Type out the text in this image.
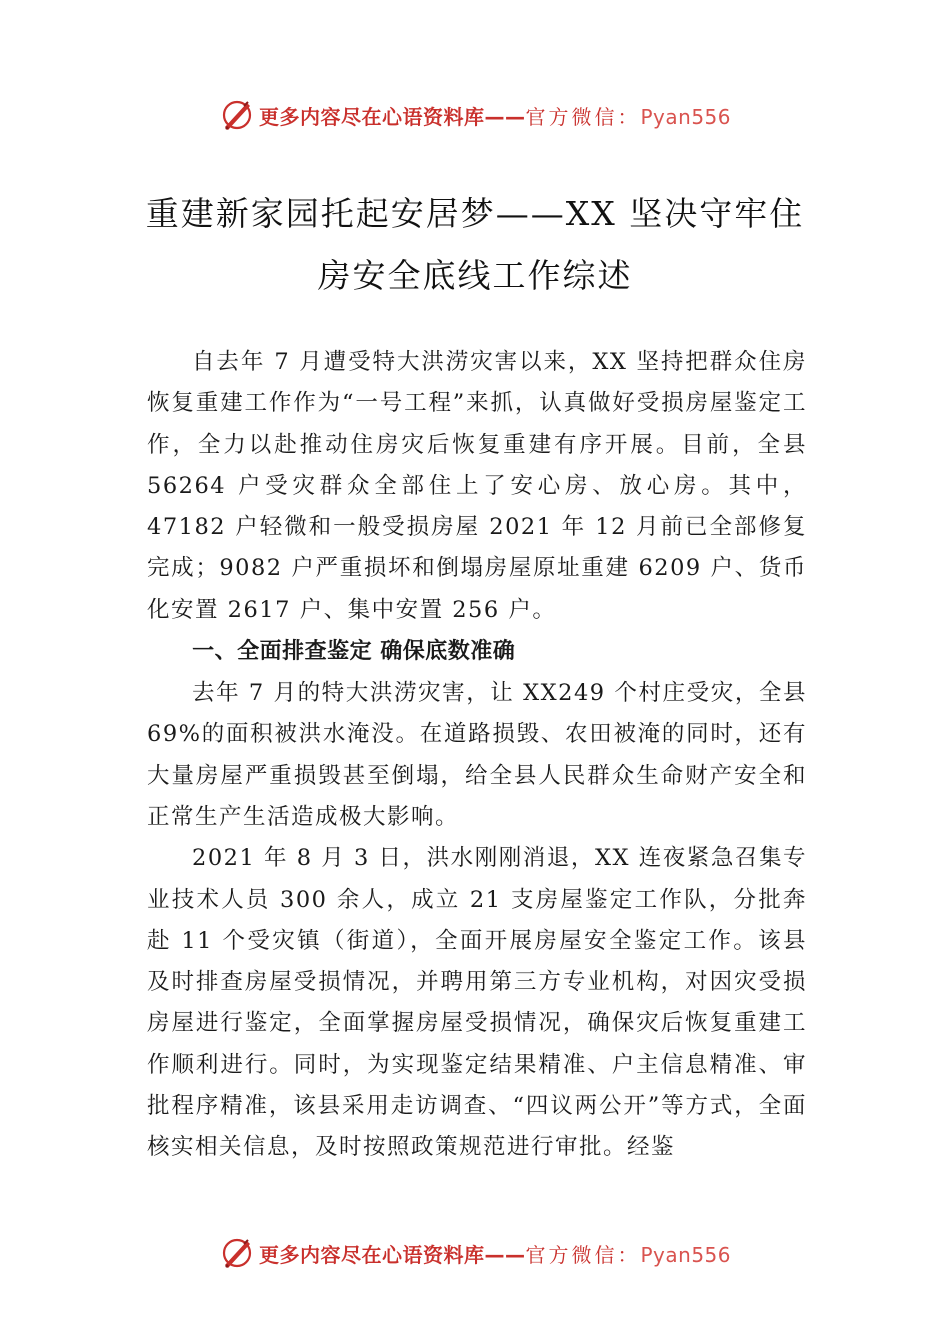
更多内容尽在心语资料库——官方微信：Pyan556
重建新家园托起安居梦——XX 坚决守牢住
房安全底线工作综述

自去年 7 月遭受特大洪涝灾害以来，XX 坚持把群众住房恢复重建工作作为“一号工程”来抓，认真做好受损房屋鉴定工作，全力以赴推动住房灾后恢复重建有序开展。目前，全县 56264 户受灾群众全部住上了安心房、放心房。其中，47182 户轻微和一般受损房屋 2021 年 12 月前已全部修复完成；9082 户严重损坏和倒塌房屋原址重建 6209 户、货币化安置 2617 户、集中安置 256 户。

一、全面排查鉴定 确保底数准确

去年 7 月的特大洪涝灾害，让 XX249 个村庄受灾，全县 69%的面积被洪水淹没。在道路损毁、农田被淹的同时，还有大量房屋严重损毁甚至倒塌，给全县人民群众生命财产安全和正常生产生活造成极大影响。

2021 年 8 月 3 日，洪水刚刚消退，XX 连夜紧急召集专业技术人员 300 余人，成立 21 支房屋鉴定工作队，分批奔赴 11 个受灾镇（街道），全面开展房屋安全鉴定工作。该县及时排查房屋受损情况，并聘用第三方专业机构，对因灾受损房屋进行鉴定，全面掌握房屋受损情况，确保灾后恢复重建工作顺利进行。同时，为实现鉴定结果精准、户主信息精准、审批程序精准，该县采用走访调查、“四议两公开”等方式，全面核实相关信息，及时按照政策规范进行审批。经鉴

更多内容尽在心语资料库——官方微信：Pyan556
